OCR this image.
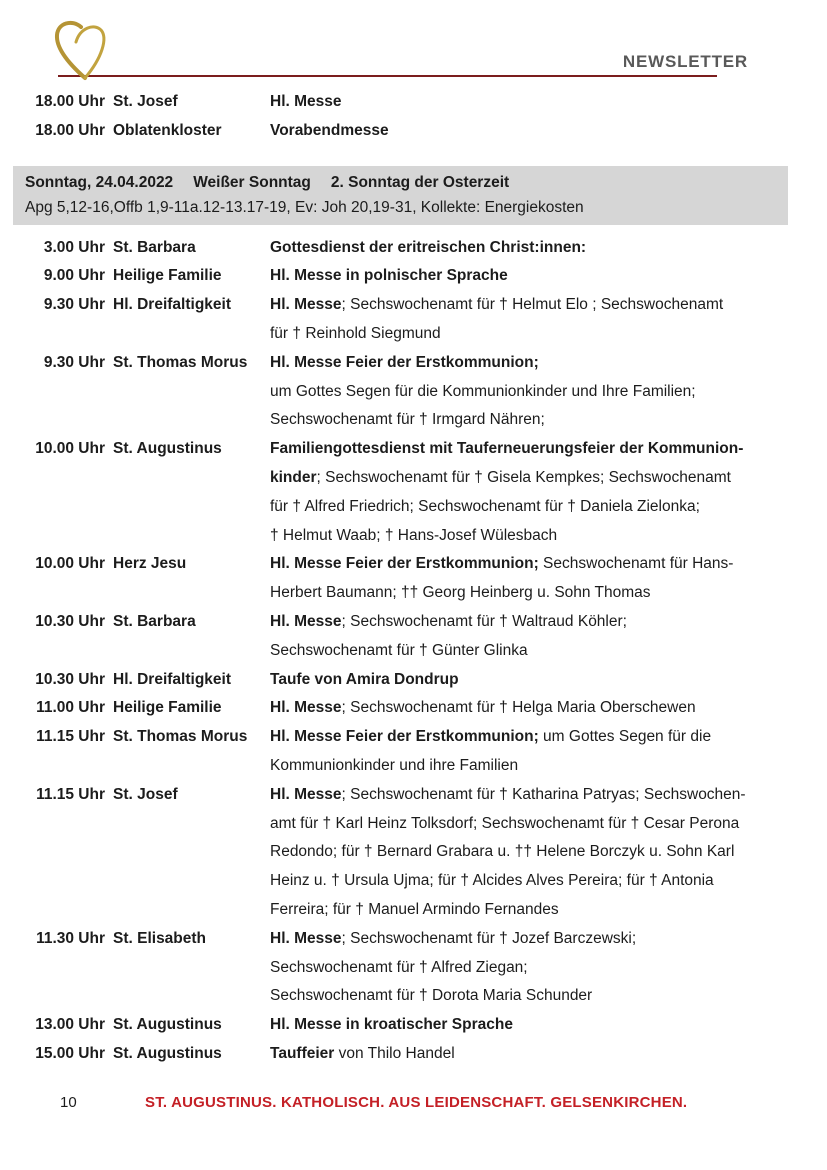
NEWSLETTER
18.00 Uhr St. Josef	Hl. Messe
18.00 Uhr Oblatenkloster	Vorabendmesse
Sonntag, 24.04.2022 Weißer Sonntag 2. Sonntag der Osterzeit
Apg 5,12-16,Offb 1,9-11a.12-13.17-19, Ev: Joh 20,19-31, Kollekte: Energiekosten
3.00 Uhr St. Barbara	Gottesdienst der eritreischen Christ:innen:
9.00 Uhr Heilige Familie	Hl. Messe in polnischer Sprache
9.30 Uhr Hl. Dreifaltigkeit	Hl. Messe; Sechswochenamt für † Helmut Elo ; Sechswochenamt
für † Reinhold Siegmund
9.30 Uhr St. Thomas Morus	Hl. Messe Feier der Erstkommunion;
um Gottes Segen für die Kommunionkinder und Ihre Familien;
Sechswochenamt für † Irmgard Nähren;
10.00 Uhr St. Augustinus	Familiengottesdienst mit Tauferneuerungsfeier der Kommunion-
kinder; Sechswochenamt für † Gisela Kempkes; Sechswochenamt
für † Alfred Friedrich; Sechswochenamt für † Daniela Zielonka;
† Helmut Waab; † Hans-Josef Wülesbach
10.00 Uhr Herz Jesu	Hl. Messe Feier der Erstkommunion; Sechswochenamt für Hans-
Herbert Baumann; †† Georg Heinberg u. Sohn Thomas
10.30 Uhr St. Barbara	Hl. Messe; Sechswochenamt für † Waltraud Köhler;
Sechswochenamt für † Günter Glinka
10.30 Uhr Hl. Dreifaltigkeit	Taufe von Amira Dondrup
11.00 Uhr Heilige Familie	Hl. Messe; Sechswochenamt für † Helga Maria Oberschewen
11.15 Uhr St. Thomas Morus	Hl. Messe Feier der Erstkommunion; um Gottes Segen für die
Kommunionkinder und ihre Familien
11.15 Uhr St. Josef	Hl. Messe; Sechswochenamt für † Katharina Patryas; Sechswochen-
amt für † Karl Heinz Tolksdorf; Sechswochenamt für † Cesar Perona
Redondo; für † Bernard Grabara u. †† Helene Borczyk u. Sohn Karl
Heinz u. † Ursula Ujma; für † Alcides Alves Pereira; für † Antonia
Ferreira; für † Manuel Armindo Fernandes
11.30 Uhr St. Elisabeth	Hl. Messe; Sechswochenamt für † Jozef Barczewski;
Sechswochenamt für † Alfred Ziegan;
Sechswochenamt für † Dorota Maria Schunder
13.00 Uhr St. Augustinus	Hl. Messe in kroatischer Sprache
15.00 Uhr St. Augustinus	Tauffeier von Thilo Handel
10	ST. AUGUSTINUS. KATHOLISCH. AUS LEIDENSCHAFT. GELSENKIRCHEN.
